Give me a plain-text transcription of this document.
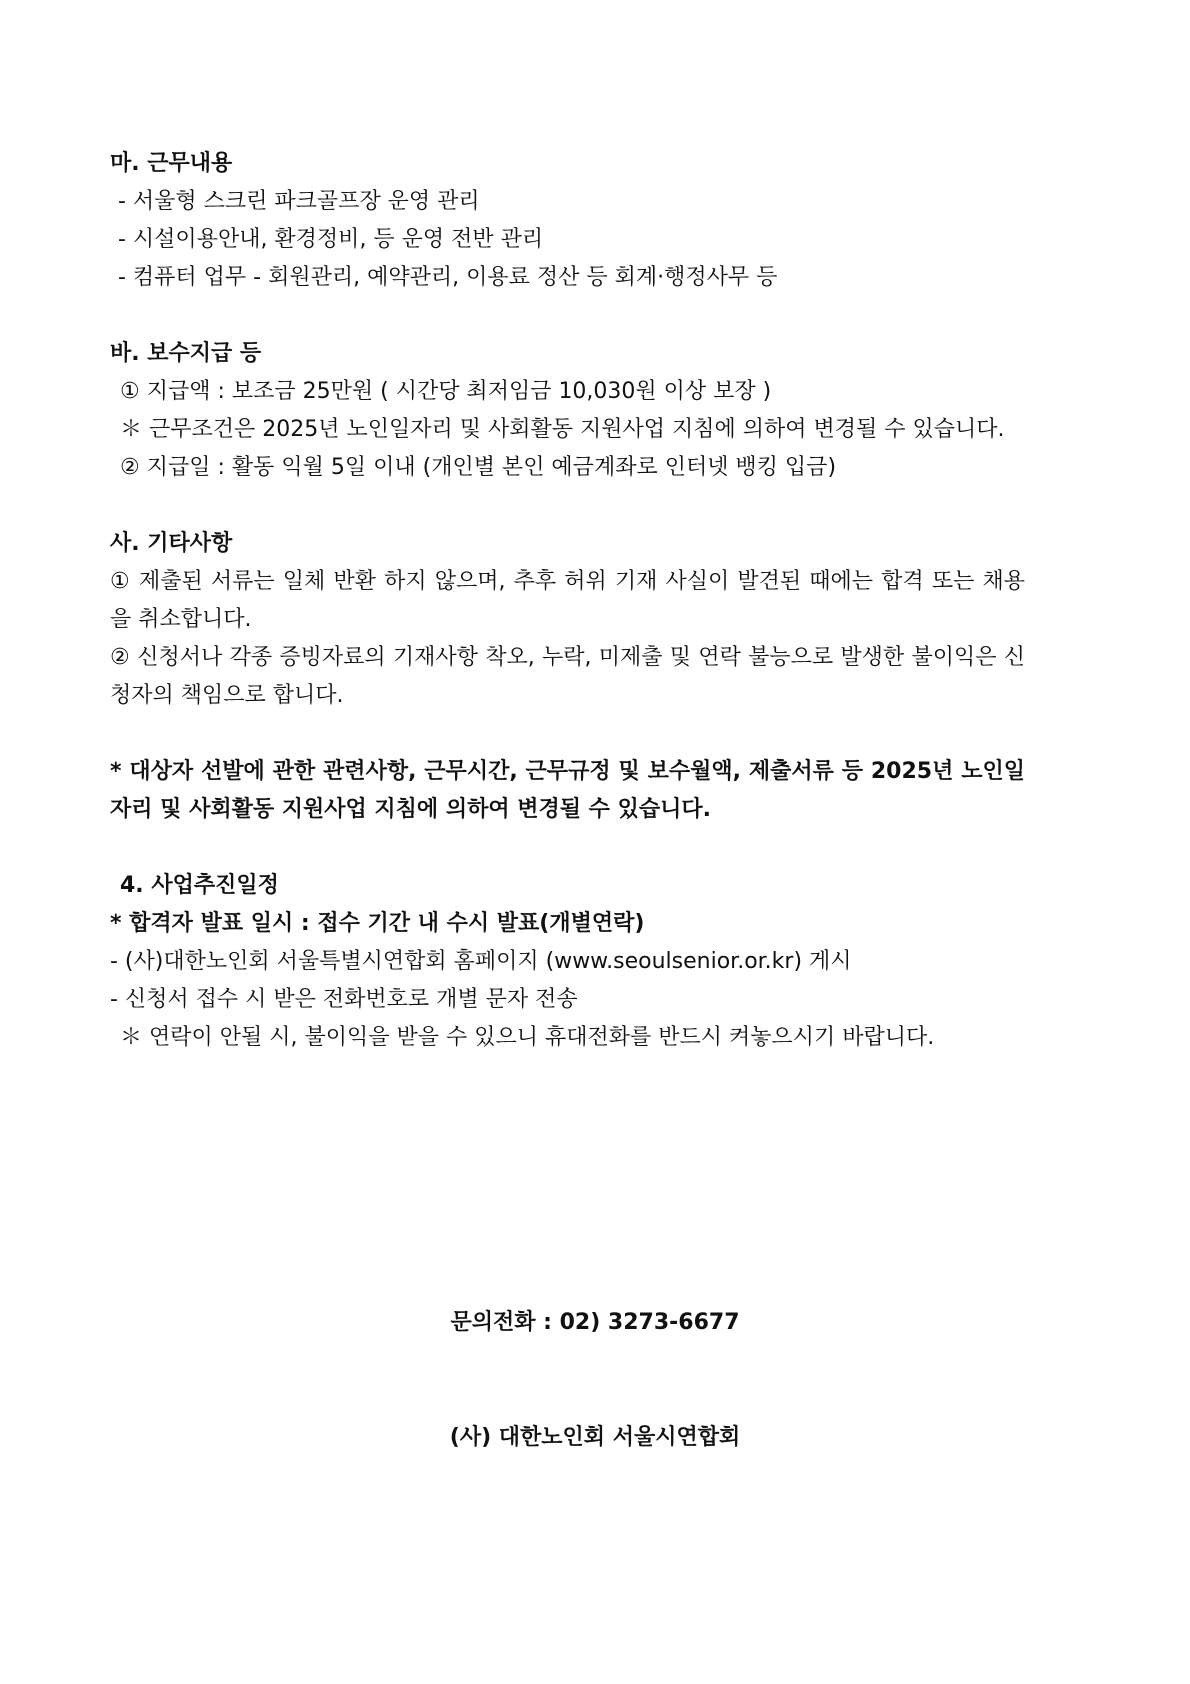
마. 근무내용
- 서울형 스크린 파크골프장 운영 관리
- 시설이용안내, 환경정비, 등 운영 전반 관리
- 컴퓨터 업무 - 회원관리, 예약관리, 이용료 정산 등 회계·행정사무 등
바. 보수지급 등
① 지급액 : 보조금 25만원 ( 시간당 최저임금 10,030원 이상 보장 )
＊ 근무조건은 2025년 노인일자리 및 사회활동 지원사업 지침에 의하여 변경될 수 있습니다.
② 지급일 : 활동 익월 5일 이내 (개인별 본인 예금계좌로 인터넷 뱅킹 입금)
사. 기타사항
① 제출된 서류는 일체 반환 하지 않으며, 추후 허위 기재 사실이 발견된 때에는 합격 또는 채용을 취소합니다.
② 신청서나 각종 증빙자료의 기재사항 착오, 누락, 미제출 및 연락 불능으로 발생한 불이익은 신청자의 책임으로 합니다.
* 대상자 선발에 관한 관련사항, 근무시간, 근무규정 및 보수월액, 제출서류 등 2025년 노인일자리 및 사회활동 지원사업 지침에 의하여 변경될 수 있습니다.
4. 사업추진일정
* 합격자 발표 일시 : 접수 기간 내 수시 발표(개별연락)
- (사)대한노인회 서울특별시연합회 홈페이지 (www.seoulsenior.or.kr) 게시
- 신청서 접수 시 받은 전화번호로 개별 문자 전송
＊ 연락이 안될 시, 불이익을 받을 수 있으니 휴대전화를 반드시 켜놓으시기 바랍니다.
문의전화 : 02) 3273-6677
(사) 대한노인회 서울시연합회
